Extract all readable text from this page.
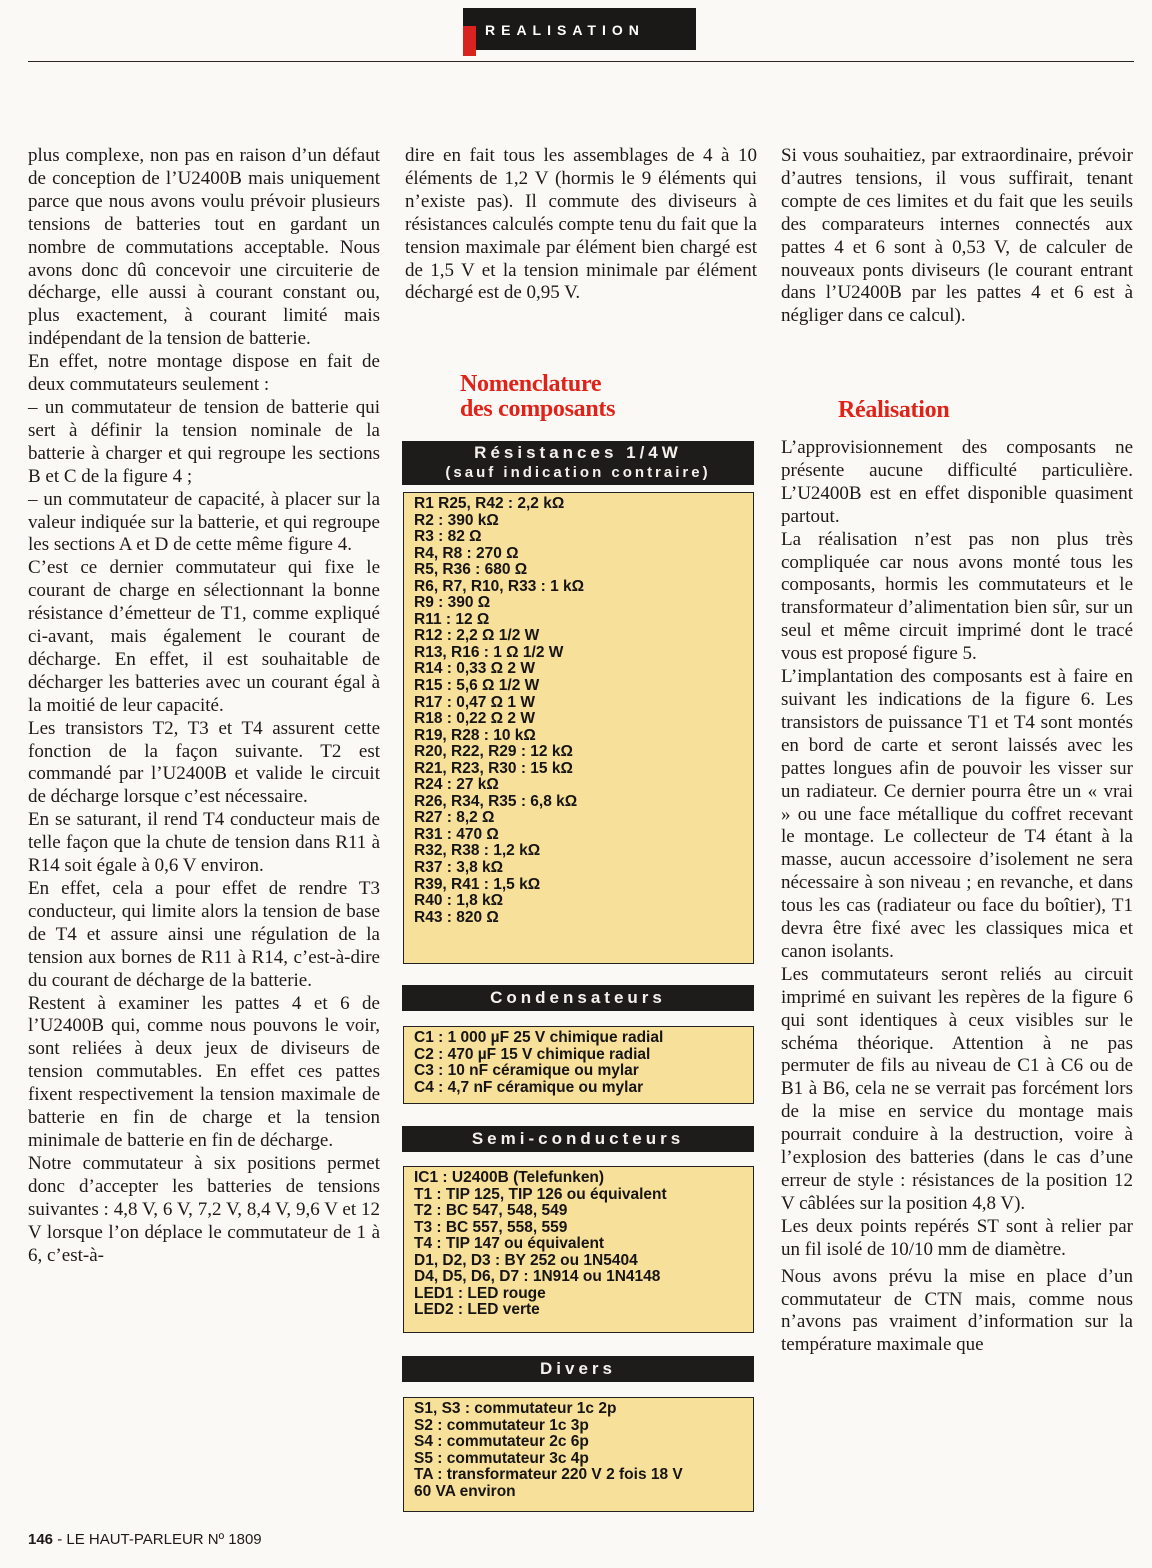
REALISATION

plus complexe, non pas en raison d’un défaut de conception de l’U2400B mais uniquement parce que nous avons voulu prévoir plusieurs tensions de batteries tout en gardant un nombre de commutations acceptable. Nous avons donc dû concevoir une circuiterie de décharge, elle aussi à courant constant ou, plus exactement, à courant limité mais indépendant de la tension de batterie.

En effet, notre montage dispose en fait de deux commutateurs seulement :

– un commutateur de tension de batterie qui sert à définir la tension nominale de la batterie à charger et qui regroupe les sections B et C de la figure 4 ;

– un commutateur de capacité, à placer sur la valeur indiquée sur la batterie, et qui regroupe les sections A et D de cette même figure 4.

C’est ce dernier commutateur qui fixe le courant de charge en sélectionnant la bonne résistance d’émetteur de T1, comme expliqué ci-avant, mais également le courant de décharge. En effet, il est souhaitable de décharger les batteries avec un courant égal à la moitié de leur capacité.

Les transistors T2, T3 et T4 assurent cette fonction de la façon suivante. T2 est commandé par l’U2400B et valide le circuit de décharge lorsque c’est nécessaire.

En se saturant, il rend T4 conducteur mais de telle façon que la chute de tension dans R11 à R14 soit égale à 0,6 V environ.

En effet, cela a pour effet de rendre T3 conducteur, qui limite alors la tension de base de T4 et assure ainsi une régulation de la tension aux bornes de R11 à R14, c’est-à-dire du courant de décharge de la batterie.

Restent à examiner les pattes 4 et 6 de l’U2400B qui, comme nous pouvons le voir, sont reliées à deux jeux de diviseurs de tension commutables. En effet ces pattes fixent respectivement la tension maximale de batterie en fin de charge et la tension minimale de batterie en fin de décharge.

Notre commutateur à six positions permet donc d’accepter les batteries de tensions suivantes : 4,8 V, 6 V, 7,2 V, 8,4 V, 9,6 V et 12 V lorsque l’on déplace le commutateur de 1 à 6, c’est-à-

dire en fait tous les assemblages de 4 à 10 éléments de 1,2 V (hormis le 9 éléments qui n’existe pas). Il commute des diviseurs à résistances calculés compte tenu du fait que la tension maximale par élément bien chargé est de 1,5 V et la tension minimale par élément déchargé est de 0,95 V.

Nomenclature
des composants
Résistances 1/4W
(sauf indication contraire)
R1 R25, R42 : 2,2 kΩ
R2 : 390 kΩ
R3 : 82 Ω
R4, R8 : 270 Ω
R5, R36 : 680 Ω
R6, R7, R10, R33 : 1 kΩ
R9 : 390 Ω
R11 : 12 Ω
R12 : 2,2 Ω 1/2 W
R13, R16 : 1 Ω 1/2 W
R14 : 0,33 Ω 2 W
R15 : 5,6 Ω 1/2 W
R17 : 0,47 Ω 1 W
R18 : 0,22 Ω 2 W
R19, R28 : 10 kΩ
R20, R22, R29 : 12 kΩ
R21, R23, R30 : 15 kΩ
R24 : 27 kΩ
R26, R34, R35 : 6,8 kΩ
R27 : 8,2 Ω
R31 : 470 Ω
R32, R38 : 1,2 kΩ
R37 : 3,8 kΩ
R39, R41 : 1,5 kΩ
R40 : 1,8 kΩ
R43 : 820 Ω
Condensateurs
C1 : 1 000 µF 25 V chimique radial
C2 : 470 µF 15 V chimique radial
C3 : 10 nF céramique ou mylar
C4 : 4,7 nF céramique ou mylar
Semi-conducteurs
IC1 : U2400B (Telefunken)
T1 : TIP 125, TIP 126 ou équivalent
T2 : BC 547, 548, 549
T3 : BC 557, 558, 559
T4 : TIP 147 ou équivalent
D1, D2, D3 : BY 252 ou 1N5404
D4, D5, D6, D7 : 1N914 ou 1N4148
LED1 : LED rouge
LED2 : LED verte
Divers
S1, S3 : commutateur 1c 2p
S2 : commutateur 1c 3p
S4 : commutateur 2c 6p
S5 : commutateur 3c 4p
TA : transformateur 220 V 2 fois 18 V
60 VA environ

Si vous souhaitiez, par extraordinaire, prévoir d’autres tensions, il vous suffirait, tenant compte de ces limites et du fait que les seuils des comparateurs internes connectés aux pattes 4 et 6 sont à 0,53 V, de calculer de nouveaux ponts diviseurs (le courant entrant dans l’U2400B par les pattes 4 et 6 est à négliger dans ce calcul).

Réalisation

L’approvisionnement des composants ne présente aucune difficulté particulière. L’U2400B est en effet disponible quasiment partout.

La réalisation n’est pas non plus très compliquée car nous avons monté tous les composants, hormis les commutateurs et le transformateur d’alimentation bien sûr, sur un seul et même circuit imprimé dont le tracé vous est proposé figure 5.

L’implantation des composants est à faire en suivant les indications de la figure 6. Les transistors de puissance T1 et T4 sont montés en bord de carte et seront laissés avec les pattes longues afin de pouvoir les visser sur un radiateur. Ce dernier pourra être un « vrai » ou une face métallique du coffret recevant le montage. Le collecteur de T4 étant à la masse, aucun accessoire d’isolement ne sera nécessaire à son niveau ; en revanche, et dans tous les cas (radiateur ou face du boîtier), T1 devra être fixé avec les classiques mica et canon isolants.

Les commutateurs seront reliés au circuit imprimé en suivant les repères de la figure 6 qui sont identiques à ceux visibles sur le schéma théorique. Attention à ne pas permuter de fils au niveau de C1 à C6 ou de B1 à B6, cela ne se verrait pas forcément lors de la mise en service du montage mais pourrait conduire à la destruction, voire à l’explosion des batteries (dans le cas d’une erreur de style : résistances de la position 12 V câblées sur la position 4,8 V).

Les deux points repérés ST sont à relier par un fil isolé de 10/10 mm de diamètre.

Nous avons prévu la mise en place d’un commutateur de CTN mais, comme nous n’avons pas vraiment d’information sur la température maximale que

146 - LE HAUT-PARLEUR Nº 1809
